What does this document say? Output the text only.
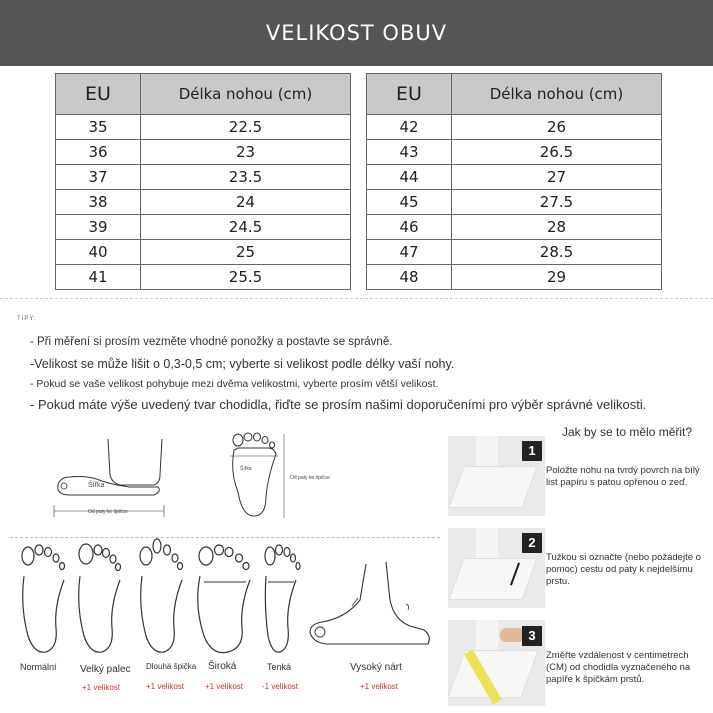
VELIKOST OBUV
EU	Délka nohou (cm)
35	22.5
36	23
37	23.5
38	24
39	24.5
40	25
41	25.5
EU	Délka nohou (cm)
42	26
43	26.5
44	27
45	27.5
46	28
47	28.5
48	29
TIPY:
- Při měření si prosím vezměte vhodné ponožky a postavte se správně.
-Velikost se může lišit o 0,3-0,5 cm; vyberte si velikost podle délky vaší nohy.
- Pokud se vaše velikost pohybuje mezi dvěma velikostmi, vyberte prosím větší velikost.
- Pokud máte výše uvedený tvar chodidla, řiďte se prosím našimi doporučeními pro výběr správné velikosti.
Šířka
Od paty ke špičce
Šířka
Od paty ke špičce
Normální Velký palec
+1 velikost
Dlouhá špička
+1 velikost
Široká
+1 velikost
Tenká
-1 velikost
Vysoký nárt
+1 velikost
Jak by se to mělo měřit?
1
Položte nohu na tvrdý povrch na bílý list papíru s patou opřenou o zeď.
2
Tužkou si označte (nebo požádejte o pomoc) cestu od paty k nejdelšímu prstu.
3
Změřte vzdálenost v centimetrech (CM) od chodidla vyznačeného na papíře k špičkám prstů.
